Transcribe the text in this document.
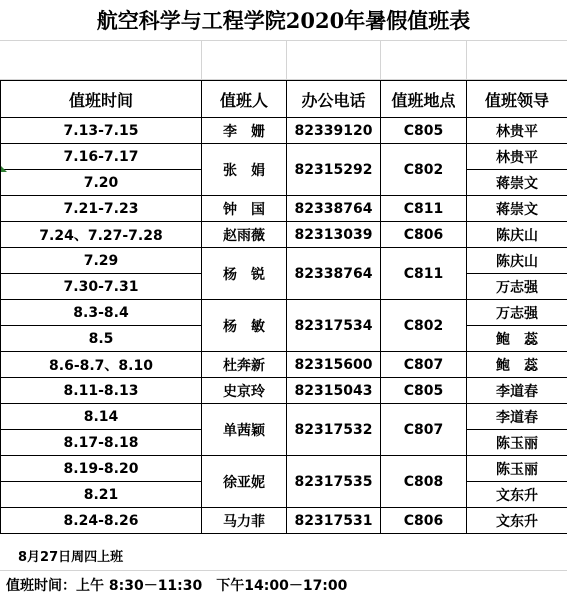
航空科学与工程学院2020年暑假值班表
值班时间	值班人	办公电话	值班地点	值班领导
7.13-7.15	李　姗	82339120	C805	林贵平
7.16-7.17	张　娟	82315292	C802	林贵平
7.20				蒋崇文
7.21-7.23	钟　国	82338764	C811	蒋崇文
7.24、7.27-7.28	赵雨薇	82313039	C806	陈庆山
7.29	杨　锐	82338764	C811	陈庆山
7.30-7.31				万志强
8.3-8.4	杨　敏	82317534	C802	万志强
8.5				鲍　蕊
8.6-8.7、8.10	杜奔新	82315600	C807	鲍　蕊
8.11-8.13	史京玲	82315043	C805	李道春
8.14	单茜颖	82317532	C807	李道春
8.17-8.18				陈玉丽
8.19-8.20	徐亚妮	82317535	C808	陈玉丽
8.21				文东升
8.24-8.26	马力菲	82317531	C806	文东升
8月27日周四上班
值班时间：上午 8:30－11:30　下午14:00－17:00
